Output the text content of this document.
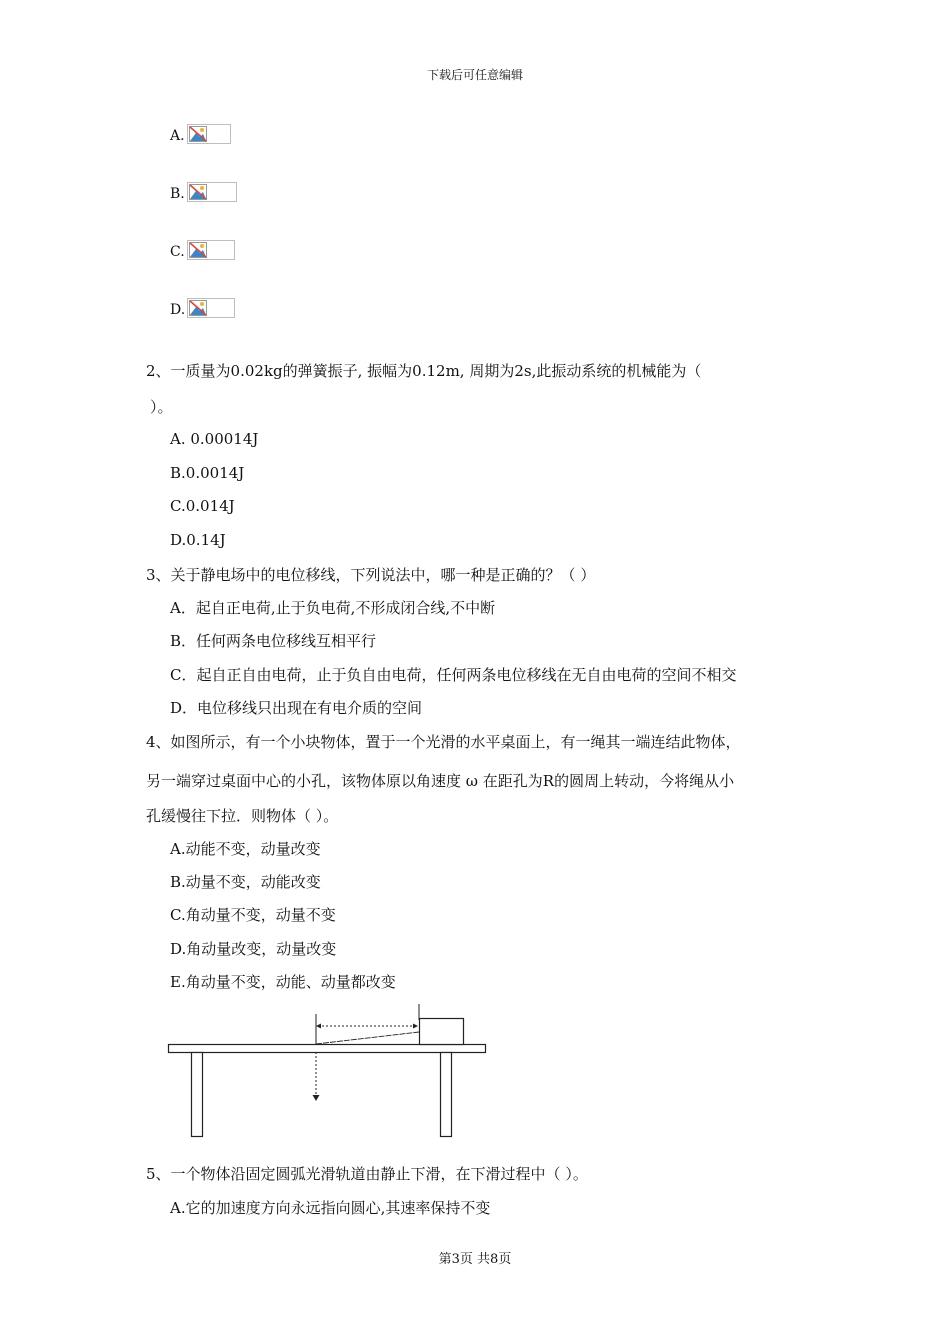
下载后可任意编辑
A.
B.
C.
D.
2、一质量为0.02kg的弹簧振子, 振幅为0.12m, 周期为2s,此振动系统的机械能为（
）。
A. 0.00014J
B.0.0014J
C.0.014J
D.0.14J
3、关于静电场中的电位移线，下列说法中，哪一种是正确的？（ ）
A．起自正电荷,止于负电荷,不形成闭合线,不中断
B．任何两条电位移线互相平行
C．起自正自由电荷，止于负自由电荷，任何两条电位移线在无自由电荷的空间不相交
D．电位移线只出现在有电介质的空间
4、如图所示，有一个小块物体，置于一个光滑的水平桌面上，有一绳其一端连结此物体，
另一端穿过桌面中心的小孔，该物体原以角速度 ω 在距孔为R的圆周上转动，今将绳从小
孔缓慢往下拉．则物体（ ）。
A.动能不变，动量改变
B.动量不变，动能改变
C.角动量不变，动量不变
D.角动量改变，动量改变
E.角动量不变，动能、动量都改变
5、一个物体沿固定圆弧光滑轨道由静止下滑，在下滑过程中（ ）。
A.它的加速度方向永远指向圆心,其速率保持不变
第3页 共8页
